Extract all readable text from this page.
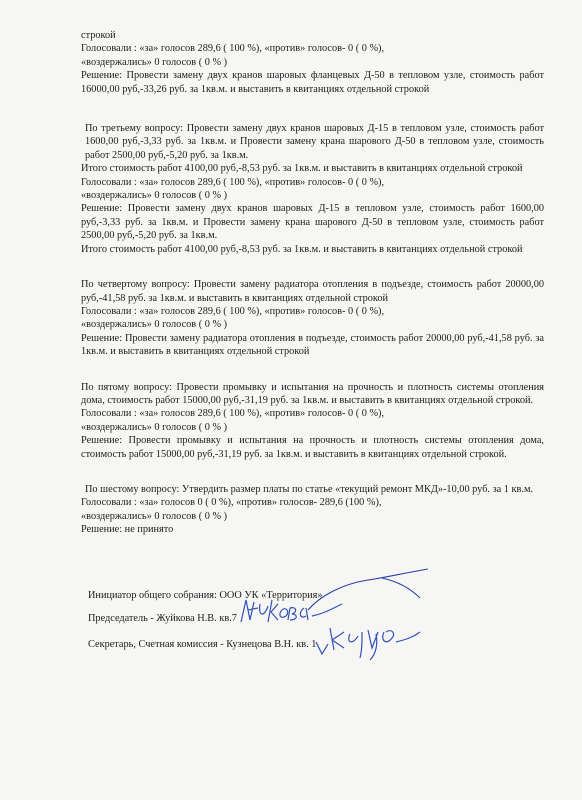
строкой
Голосовали : «за» голосов 289,6 ( 100 %), «против» голосов- 0 ( 0 %),
«воздержались» 0 голосов ( 0 % )
Решение: Провести замену двух кранов шаровых фланцевых Д-50 в тепловом узле, стоимость работ 16000,00 руб,-33,26 руб. за 1кв.м. и выставить в квитанциях отдельной строкой
По третьему вопросу: Провести замену двух кранов шаровых Д-15 в тепловом узле, стоимость работ 1600,00 руб,-3,33 руб. за 1кв.м. и Провести замену крана шарового Д-50 в тепловом узле, стоимость работ 2500,00 руб,-5,20 руб. за 1кв.м.
Итого стоимость работ 4100,00 руб,-8,53 руб. за 1кв.м. и выставить в квитанциях отдельной строкой
Голосовали : «за» голосов 289,6 ( 100 %), «против» голосов- 0 ( 0 %),
«воздержались» 0 голосов ( 0 % )
Решение: Провести замену двух кранов шаровых Д-15 в тепловом узле, стоимость работ 1600,00 руб,-3,33 руб. за 1кв.м. и Провести замену крана шарового Д-50 в тепловом узле, стоимость работ 2500,00 руб,-5,20 руб. за 1кв.м.
Итого стоимость работ 4100,00 руб,-8,53 руб. за 1кв.м. и выставить в квитанциях отдельной строкой
По четвертому вопросу: Провести замену радиатора отопления в подъезде, стоимость работ 20000,00 руб,-41,58 руб. за 1кв.м. и выставить в квитанциях отдельной строкой
Голосовали : «за» голосов 289,6 ( 100 %), «против» голосов- 0 ( 0 %),
«воздержались» 0 голосов ( 0 % )
Решение: Провести замену радиатора отопления в подъезде, стоимость работ 20000,00 руб,-41,58 руб. за 1кв.м. и выставить в квитанциях отдельной строкой
По пятому вопросу: Провести промывку и испытания на прочность и плотность системы отопления дома, стоимость работ 15000,00 руб,-31,19 руб. за 1кв.м. и выставить в квитанциях отдельной строкой.
Голосовали : «за» голосов 289,6 ( 100 %), «против» голосов- 0 ( 0 %),
«воздержались» 0 голосов ( 0 % )
Решение: Провести промывку и испытания на прочность и плотность системы отопления дома, стоимость работ 15000,00 руб,-31,19 руб. за 1кв.м. и выставить в квитанциях отдельной строкой.
По шестому вопросу: Утвердить размер платы по статье «текущий ремонт МКД»-10,00 руб. за 1 кв.м.
Голосовали : «за» голосов 0 ( 0 %), «против» голосов- 289,6 (100 %),
«воздержались» 0 голосов ( 0 % )
Решение: не принято
Инициатор общего собрания: ООО УК «Территория»
Председатель - Жуйкова Н.В. кв.7
Секретарь, Счетная комиссия - Кузнецова В.Н. кв. 1
